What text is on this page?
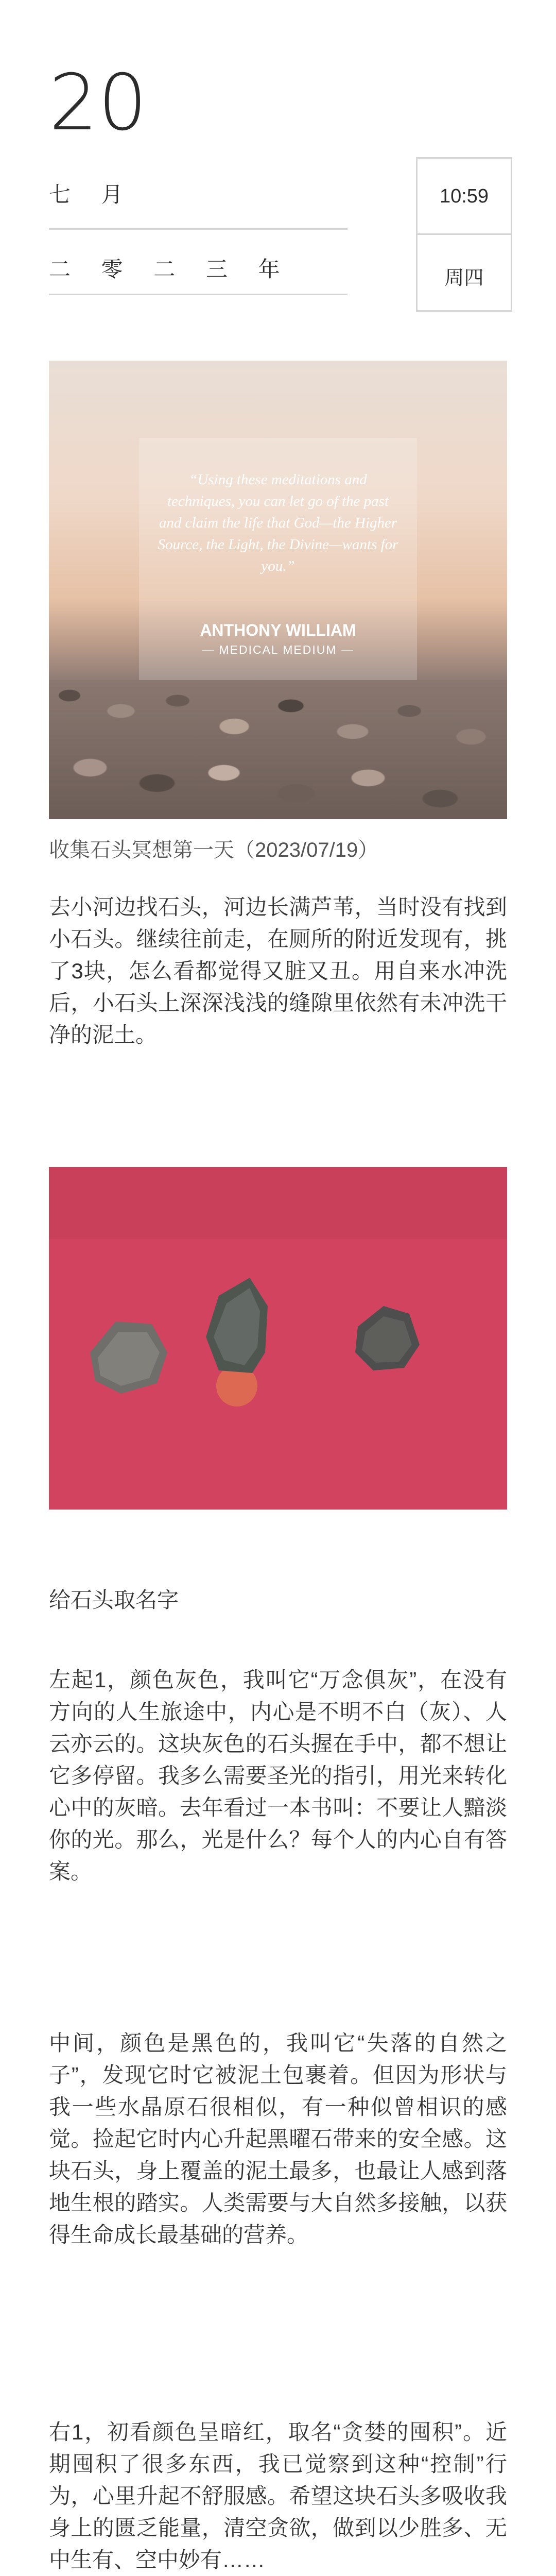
20
七 月
二 零 二 三 年
10:59
周四
“Using these meditations and techniques, you can let go of the past and claim the life that God—the Higher Source, the Light, the Divine—wants for you.”
ANTHONY WILLIAM
— MEDICAL MEDIUM —
收集石头冥想第一天（2023/07/19）

去小河边找石头，河边长满芦苇，当时没有找到小石头。继续往前走，在厕所的附近发现有，挑了3块，怎么看都觉得又脏又丑。用自来水冲洗后，小石头上深深浅浅的缝隙里依然有未冲洗干净的泥土。

给石头取名字

左起1，颜色灰色，我叫它“万念俱灰”，在没有方向的人生旅途中，内心是不明不白（灰）、人云亦云的。这块灰色的石头握在手中，都不想让它多停留。我多么需要圣光的指引，用光来转化心中的灰暗。去年看过一本书叫：不要让人黯淡你的光。那么，光是什么？每个人的内心自有答案。

中间，颜色是黑色的，我叫它“失落的自然之子”，发现它时它被泥土包裹着。但因为形状与我一些水晶原石很相似，有一种似曾相识的感觉。捡起它时内心升起黑曜石带来的安全感。这块石头，身上覆盖的泥土最多，也最让人感到落地生根的踏实。人类需要与大自然多接触，以获得生命成长最基础的营养。

右1，初看颜色呈暗红，取名“贪婪的囤积”。近期囤积了很多东西，我已觉察到这种“控制”行为，心里升起不舒服感。希望这块石头多吸收我身上的匮乏能量，清空贪欲，做到以少胜多、无中生有、空中妙有……
